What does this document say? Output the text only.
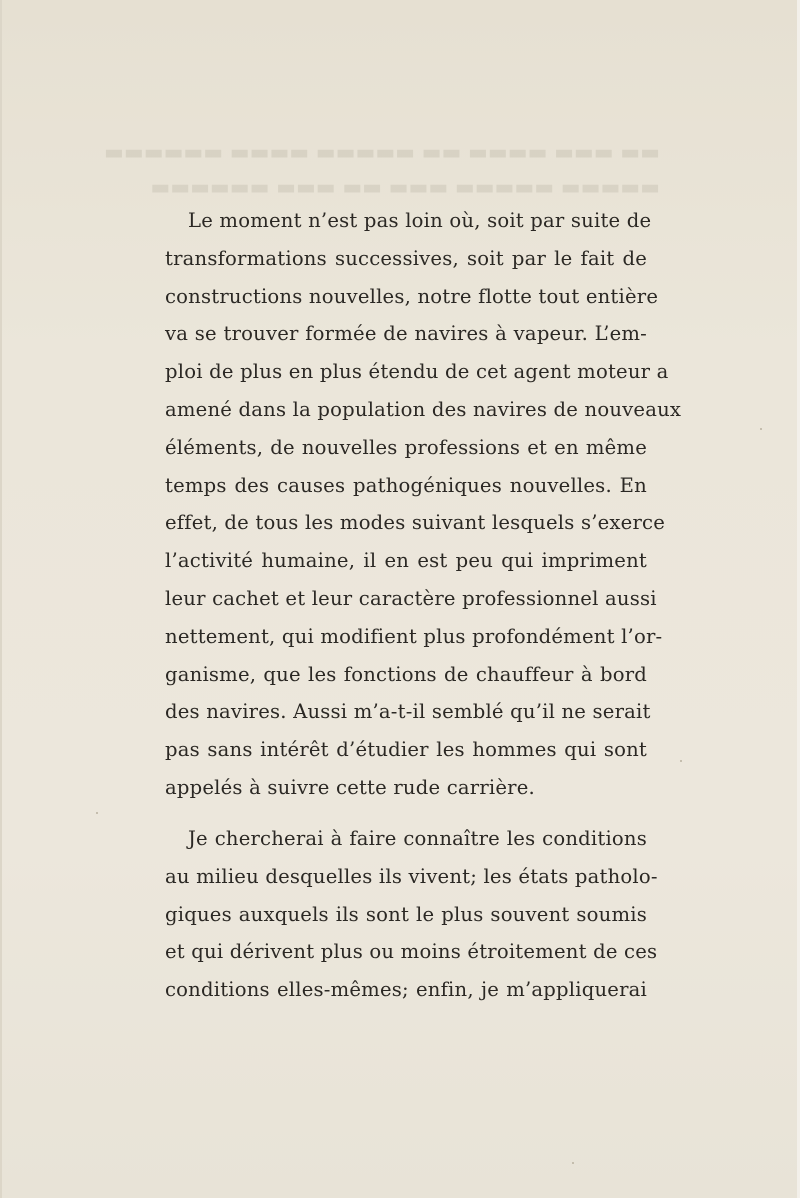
▬▬ ▬▬▬ ▬▬▬▬ ▬▬ ▬▬▬▬▬ ▬▬▬▬ ▬▬▬▬▬▬
▬▬▬▬▬ ▬▬▬▬▬ ▬▬▬ ▬▬ ▬▬▬ ▬▬▬▬▬▬
Le moment n’est pas loin où, soit par suite de
transformations successives, soit par le fait de
constructions nouvelles, notre flotte tout entière
va se trouver formée de navires à vapeur. L’em-
ploi de plus en plus étendu de cet agent moteur a
amené dans la population des navires de nouveaux
éléments, de nouvelles professions et en même
temps des causes pathogéniques nouvelles. En
effet, de tous les modes suivant lesquels s’exerce
l’activité humaine, il en est peu qui impriment
leur cachet et leur caractère professionnel aussi
nettement, qui modifient plus profondément l’or-
ganisme, que les fonctions de chauffeur à bord
des navires. Aussi m’a-t-il semblé qu’il ne serait
pas sans intérêt d’étudier les hommes qui sont
appelés à suivre cette rude carrière.
Je chercherai à faire connaître les conditions
au milieu desquelles ils vivent; les états patholo-
giques auxquels ils sont le plus souvent soumis
et qui dérivent plus ou moins étroitement de ces
conditions elles-mêmes; enfin, je m’appliquerai
